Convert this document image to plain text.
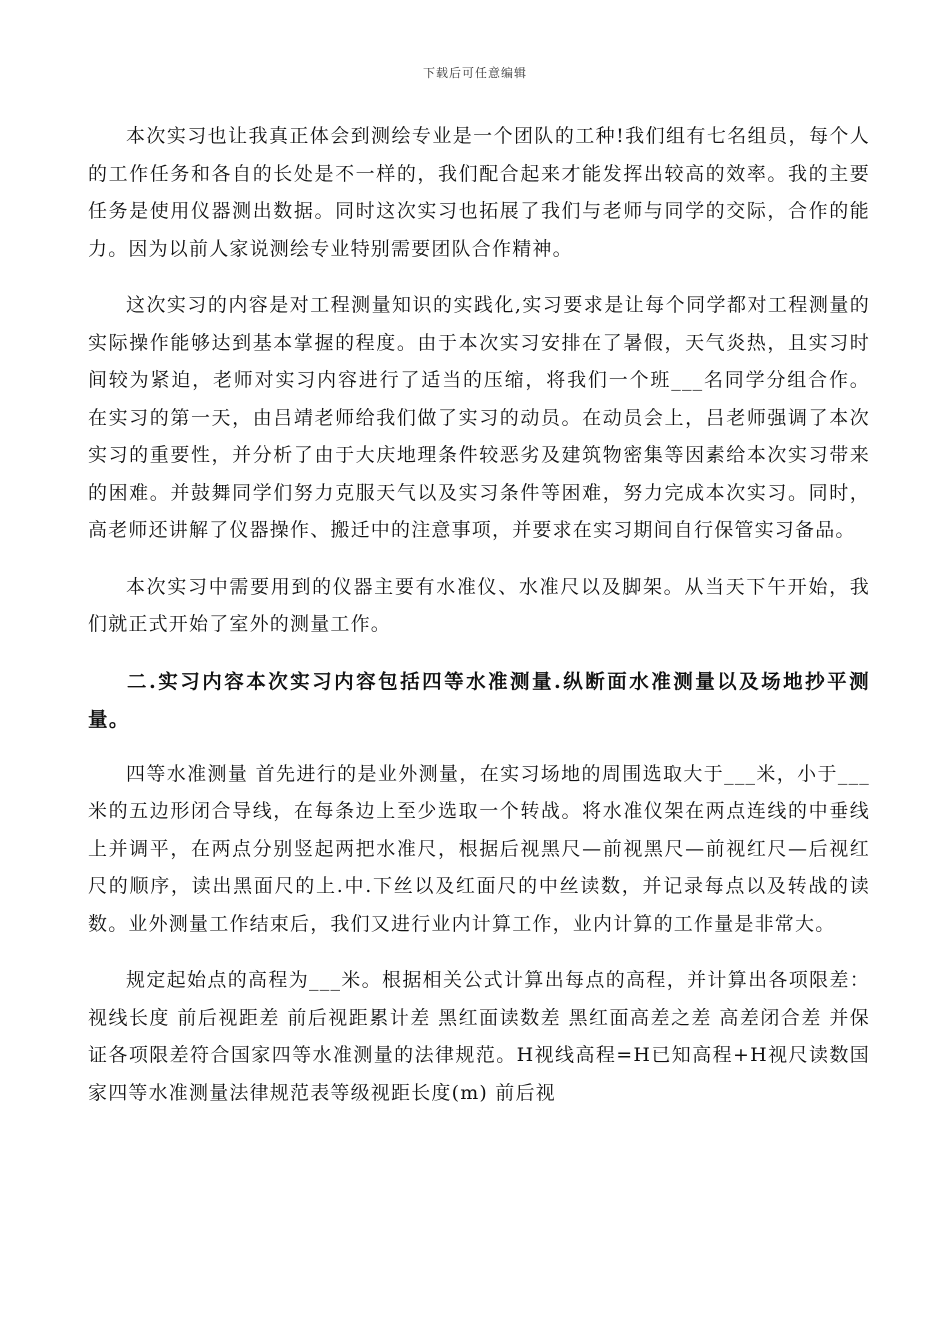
下载后可任意编辑

本次实习也让我真正体会到测绘专业是一个团队的工种!我们组有七名组员，每个人的工作任务和各自的长处是不一样的，我们配合起来才能发挥出较高的效率。我的主要任务是使用仪器测出数据。同时这次实习也拓展了我们与老师与同学的交际，合作的能力。因为以前人家说测绘专业特别需要团队合作精神。

这次实习的内容是对工程测量知识的实践化,实习要求是让每个同学都对工程测量的实际操作能够达到基本掌握的程度。由于本次实习安排在了暑假，天气炎热，且实习时间较为紧迫，老师对实习内容进行了适当的压缩，将我们一个班___名同学分组合作。 在实习的第一天，由吕靖老师给我们做了实习的动员。在动员会上，吕老师强调了本次实习的重要性，并分析了由于大庆地理条件较恶劣及建筑物密集等因素给本次实习带来的困难。并鼓舞同学们努力克服天气以及实习条件等困难，努力完成本次实习。同时，高老师还讲解了仪器操作、搬迁中的注意事项，并要求在实习期间自行保管实习备品。

本次实习中需要用到的仪器主要有水准仪、水准尺以及脚架。从当天下午开始，我们就正式开始了室外的测量工作。

二.实习内容本次实习内容包括四等水准测量.纵断面水准测量以及场地抄平测量。

四等水准测量 首先进行的是业外测量，在实习场地的周围选取大于___米，小于___米的五边形闭合导线，在每条边上至少选取一个转战。将水准仪架在两点连线的中垂线上并调平，在两点分别竖起两把水准尺，根据后视黑尺—前视黑尺—前视红尺—后视红尺的顺序，读出黑面尺的上.中.下丝以及红面尺的中丝读数，并记录每点以及转战的读数。业外测量工作结束后，我们又进行业内计算工作，业内计算的工作量是非常大。

规定起始点的高程为___米。根据相关公式计算出每点的高程，并计算出各项限差： 视线长度 前后视距差 前后视距累计差 黑红面读数差 黑红面高差之差 高差闭合差 并保证各项限差符合国家四等水准测量的法律规范。H视线高程=H已知高程+H视尺读数国家四等水准测量法律规范表等级视距长度(m) 前后视
